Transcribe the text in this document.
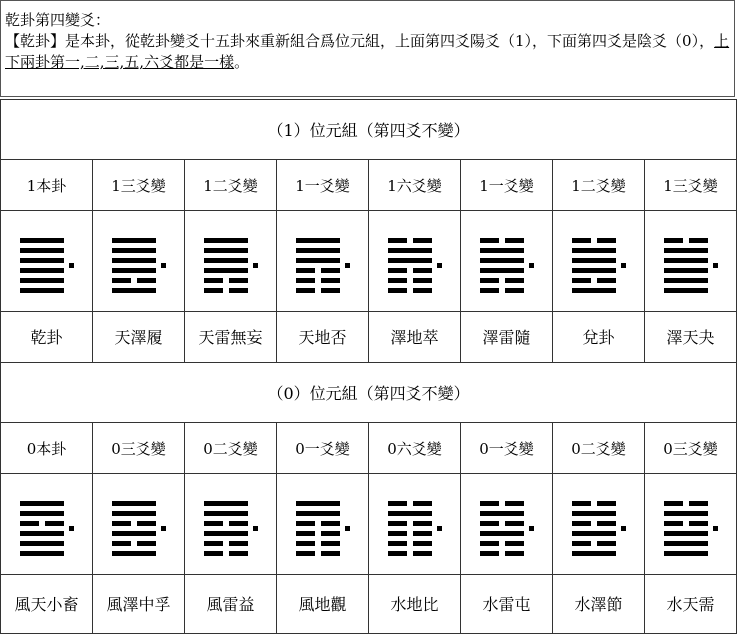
乾卦第四變爻：
【乾卦】是本卦，從乾卦變爻十五卦來重新組合爲位元組，上面第四爻陽爻（1），下面第四爻是陰爻（0），上下兩卦第一,二,三,五,六爻都是一樣。
（1）位元組（第四爻不變）							
1本卦	1三爻變	1二爻變	1一爻變	1六爻變	1一爻變	1二爻變	1三爻變

乾卦	天澤履	天雷無妄	天地否	澤地萃	澤雷隨	兌卦	澤天夬
（0）位元組（第四爻不變）							
0本卦	0三爻變	0二爻變	0一爻變	0六爻變	0一爻變	0二爻變	0三爻變

風天小畜	風澤中孚	風雷益	風地觀	水地比	水雷屯	水澤節	水天需
